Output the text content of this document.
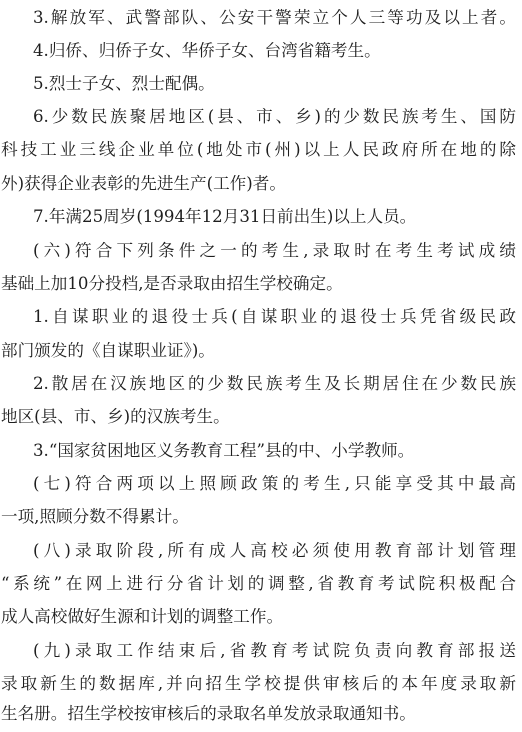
3.解放军、武警部队、公安干警荣立个人三等功及以上者。
4.归侨、归侨子女、华侨子女、台湾省籍考生。
5.烈士子女、烈士配偶。
6.少数民族聚居地区(县、市、乡)的少数民族考生、国防
科技工业三线企业单位(地处市(州)以上人民政府所在地的除
外)获得企业表彰的先进生产(工作)者。
7.年满25周岁(1994年12月31日前出生)以上人员。
(六)符合下列条件之一的考生,录取时在考生考试成绩
基础上加10分投档,是否录取由招生学校确定。
1.自谋职业的退役士兵(自谋职业的退役士兵凭省级民政
部门颁发的《自谋职业证》)。
2.散居在汉族地区的少数民族考生及长期居住在少数民族
地区(县、市、乡)的汉族考生。
3.“国家贫困地区义务教育工程”县的中、小学教师。
(七)符合两项以上照顾政策的考生,只能享受其中最高
一项,照顾分数不得累计。
(八)录取阶段,所有成人高校必须使用教育部计划管理
“系统”在网上进行分省计划的调整,省教育考试院积极配合
成人高校做好生源和计划的调整工作。
(九)录取工作结束后,省教育考试院负责向教育部报送
录取新生的数据库,并向招生学校提供审核后的本年度录取新
生名册。招生学校按审核后的录取名单发放录取通知书。
